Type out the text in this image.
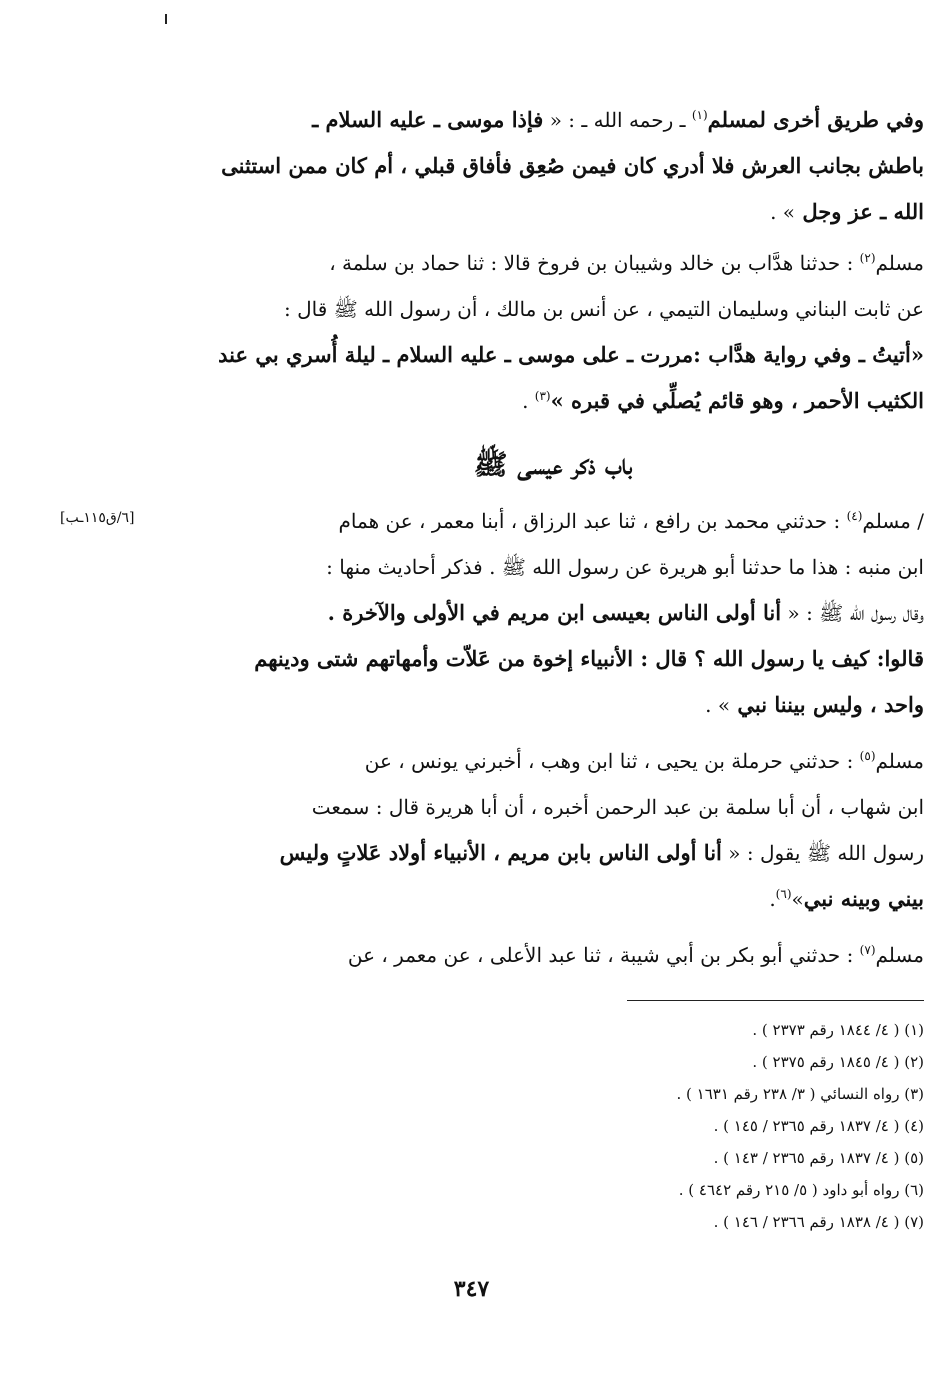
وفي طريق أخرى لمسلم$^{(١)}$ ـ رحمه الله ـ : « فإذا موسى ـ عليه السلام ـ
باطش بجانب العرش فلا أدري كان فيمن صُعِق فأفاق قبلي ، أم كان ممن استثنى
الله ـ عز وجل » .
مسلم$^{(٢)}$ : حدثنا هدَّاب بن خالد وشيبان بن فروخ قالا : ثنا حماد بن سلمة ،
عن ثابت البناني وسليمان التيمي ، عن أنس بن مالك ، أن رسول الله ﷺ قال :
«أتيتُ ـ وفي رواية هدَّاب :مررت ـ على موسى ـ عليه السلام ـ ليلة أُسري بي عند
الكثيب الأحمر ، وهو قائم يُصلِّي في قبره »$^{(٣)}$ .
باب ذكر عيسى ﷺ
[٦/ق١١٥ـب]	/ مسلم$^{(٤)}$ : حدثني محمد بن رافع ، ثنا عبد الرزاق ، أبنا معمر ، عن همام
ابن منبه : هذا ما حدثنا أبو هريرة عن رسول الله ﷺ . فذكر أحاديث منها :
وقال رسول الله ﷺ : « أنا أولى الناس بعيسى ابن مريم في الأولى والآخرة .
قالوا: كيف يا رسول الله ؟ قال : الأنبياء إخوة من عَلاّت وأمهاتهم شتى ودينهم
واحد ، وليس بيننا نبي » .
مسلم$^{(٥)}$ : حدثني حرملة بن يحيى ، ثنا ابن وهب ، أخبرني يونس ، عن
ابن شهاب ، أن أبا سلمة بن عبد الرحمن أخبره ، أن أبا هريرة قال : سمعت
رسول الله ﷺ يقول : « أنا أولى الناس بابن مريم ، الأنبياء أولاد عَلاتٍ وليس
بيني وبينه نبي»$^{(٦)}$.
مسلم$^{(٧)}$ : حدثني أبو بكر بن أبي شيبة ، ثنا عبد الأعلى ، عن معمر ، عن
(١) ( ٤/ ١٨٤٤ رقم ٢٣٧٣ ) .
(٢) ( ٤/ ١٨٤٥ رقم ٢٣٧٥ ) .
(٣) رواه النسائي ( ٣/ ٢٣٨ رقم ١٦٣١ ) .
(٤) ( ٤/ ١٨٣٧ رقم ٢٣٦٥ / ١٤٥ ) .
(٥) ( ٤/ ١٨٣٧ رقم ٢٣٦٥ / ١٤٣ ) .
(٦) رواه أبو داود ( ٥/ ٢١٥ رقم ٤٦٤٢ ) .
(٧) ( ٤/ ١٨٣٨ رقم ٢٣٦٦ / ١٤٦ ) .
٣٤٧
